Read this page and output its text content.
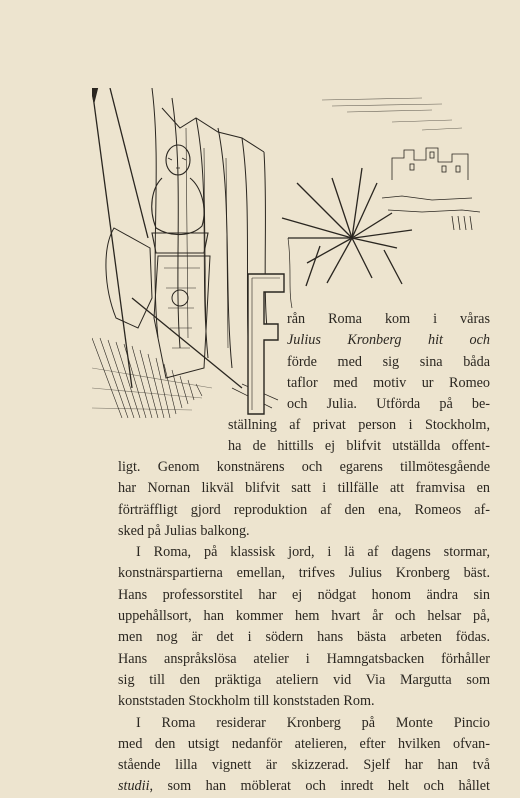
rån Roma kom i våras
Julius Kronberg hit och
förde med sig sina båda
taflor med motiv ur Romeo
och Julia. Utförda på be-
ställning af privat person i Stockholm,
ha de hittills ej blifvit utställda offent-
ligt. Genom konstnärens och egarens tillmötesgående
har Nornan likväl blifvit satt i tillfälle att framvisa en
förträffligt gjord reproduktion af den ena, Romeos af-
sked på Julias balkong.
I Roma, på klassisk jord, i lä af dagens stormar,
konstnärspartierna emellan, trifves Julius Kronberg bäst.
Hans professorstitel har ej nödgat honom ändra sin
uppehållsort, han kommer hem hvart år och helsar på,
men nog är det i södern hans bästa arbeten födas.
Hans anspråkslösa atelier i Hamngatsbacken förhåller
sig till den präktiga ateliern vid Via Margutta som
konststaden Stockholm till konststaden Rom.
I Roma residerar Kronberg på Monte Pincio
med den utsigt nedanför atelieren, efter hvilken ofvan-
stående lilla vignett är skizzerad. Sjelf har han två
studii, som han möblerat och inredt helt och hållet
